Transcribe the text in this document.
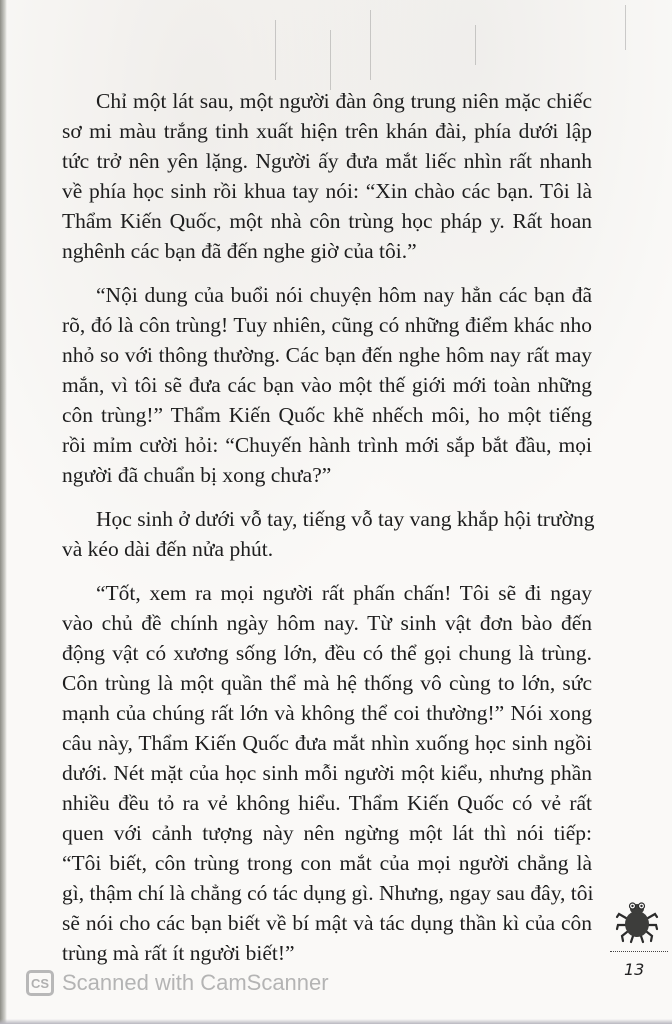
Chỉ một lát sau, một người đàn ông trung niên mặc chiếc
sơ mi màu trắng tinh xuất hiện trên khán đài, phía dưới lập
tức trở nên yên lặng. Người ấy đưa mắt liếc nhìn rất nhanh
về phía học sinh rồi khua tay nói: “Xin chào các bạn. Tôi là
Thẩm Kiến Quốc, một nhà côn trùng học pháp y. Rất hoan
nghênh các bạn đã đến nghe giờ của tôi.”
“Nội dung của buổi nói chuyện hôm nay hẳn các bạn đã
rõ, đó là côn trùng! Tuy nhiên, cũng có những điểm khác nho
nhỏ so với thông thường. Các bạn đến nghe hôm nay rất may
mắn, vì tôi sẽ đưa các bạn vào một thế giới mới toàn những
côn trùng!” Thẩm Kiến Quốc khẽ nhếch môi, ho một tiếng
rồi mỉm cười hỏi: “Chuyến hành trình mới sắp bắt đầu, mọi
người đã chuẩn bị xong chưa?”
Học sinh ở dưới vỗ tay, tiếng vỗ tay vang khắp hội trường
và kéo dài đến nửa phút.
“Tốt, xem ra mọi người rất phấn chấn! Tôi sẽ đi ngay
vào chủ đề chính ngày hôm nay. Từ sinh vật đơn bào đến
động vật có xương sống lớn, đều có thể gọi chung là trùng.
Côn trùng là một quần thể mà hệ thống vô cùng to lớn, sức
mạnh của chúng rất lớn và không thể coi thường!” Nói xong
câu này, Thẩm Kiến Quốc đưa mắt nhìn xuống học sinh ngồi
dưới. Nét mặt của học sinh mỗi người một kiểu, nhưng phần
nhiều đều tỏ ra vẻ không hiểu. Thẩm Kiến Quốc có vẻ rất
quen với cảnh tượng này nên ngừng một lát thì nói tiếp:
“Tôi biết, côn trùng trong con mắt của mọi người chẳng là
gì, thậm chí là chẳng có tác dụng gì. Nhưng, ngay sau đây, tôi
sẽ nói cho các bạn biết về bí mật và tác dụng thần kì của côn
trùng mà rất ít người biết!”
13
CS Scanned with CamScanner
